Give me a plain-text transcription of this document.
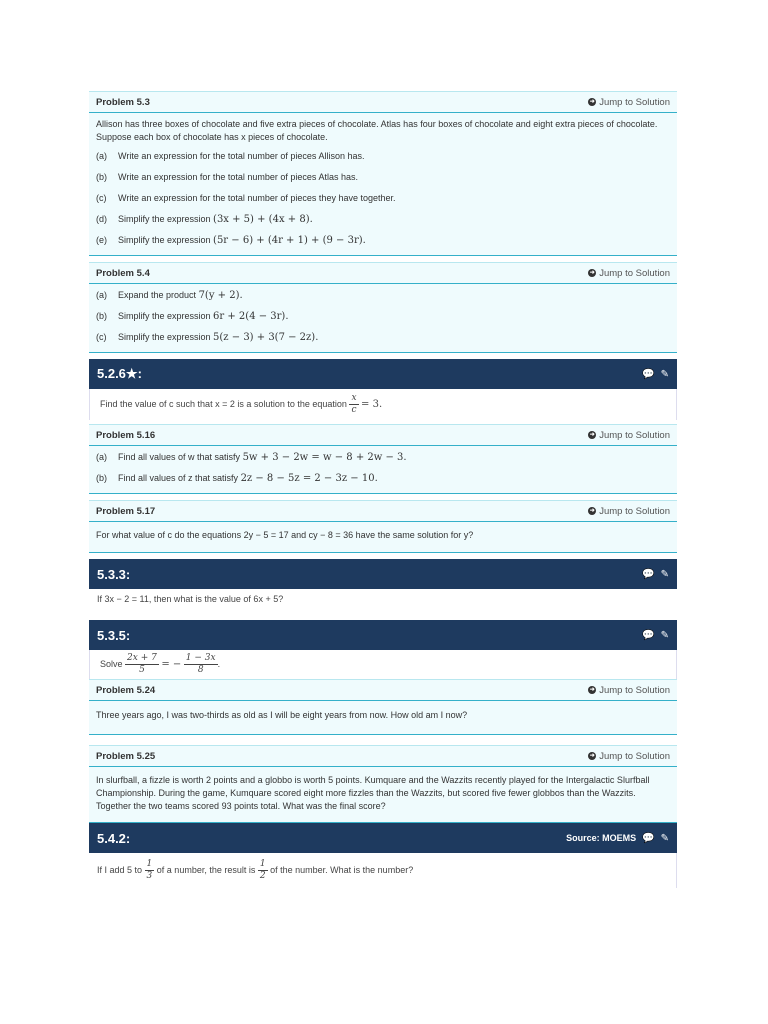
Problem 5.3	➜ Jump to Solution

Allison has three boxes of chocolate and five extra pieces of chocolate. Atlas has four boxes of chocolate and eight extra pieces of chocolate. Suppose each box of chocolate has x pieces of chocolate.

(a)	Write an expression for the total number of pieces Allison has.
(b)	Write an expression for the total number of pieces Atlas has.
(c)	Write an expression for the total number of pieces they have together.
(d)	Simplify the expression (3x + 5) + (4x + 8).
(e)	Simplify the expression (5r − 6) + (4r + 1) + (9 − 3r).
Problem 5.4	➜ Jump to Solution
(a)	Expand the product 7(y + 2).
(b)	Simplify the expression 6r + 2(4 − 3r).
(c)	Simplify the expression 5(z − 3) + 3(7 − 2z).
5.2.6★:	💬 ✎
Find the value of c such that x = 2 is a solution to the equation $\frac{x}{c} = 3$.
Problem 5.16	➜ Jump to Solution
(a)	Find all values of w that satisfy 5w + 3 − 2w = w − 8 + 2w − 3.
(b)	Find all values of z that satisfy 2z − 8 − 5z = 2 − 3z − 10.
Problem 5.17	➜ Jump to Solution

For what value of c do the equations 2y − 5 = 17 and cy − 8 = 36 have the same solution for y?

5.3.3:	💬 ✎
If 3x − 2 = 11, then what is the value of 6x + 5?
5.3.5:	💬 ✎
Solve $\frac{2x + 7}{5}$ = − $\frac{1 - 3x}{8}$ .
Problem 5.24	➜ Jump to Solution

Three years ago, I was two-thirds as old as I will be eight years from now. How old am I now?

Problem 5.25	➜ Jump to Solution

In slurfball, a fizzle is worth 2 points and a globbo is worth 5 points. Kumquare and the Wazzits recently played for the Intergalactic Slurfball Championship. During the game, Kumquare scored eight more fizzles than the Wazzits, but scored five fewer globbos than the Wazzits. Together the two teams scored 93 points total. What was the final score?

5.4.2:	Source: MOEMS 💬 ✎
If I add 5 to $\frac{1}{3}$ of a number, the result is $\frac{1}{2}$ of the number. What is the number?
